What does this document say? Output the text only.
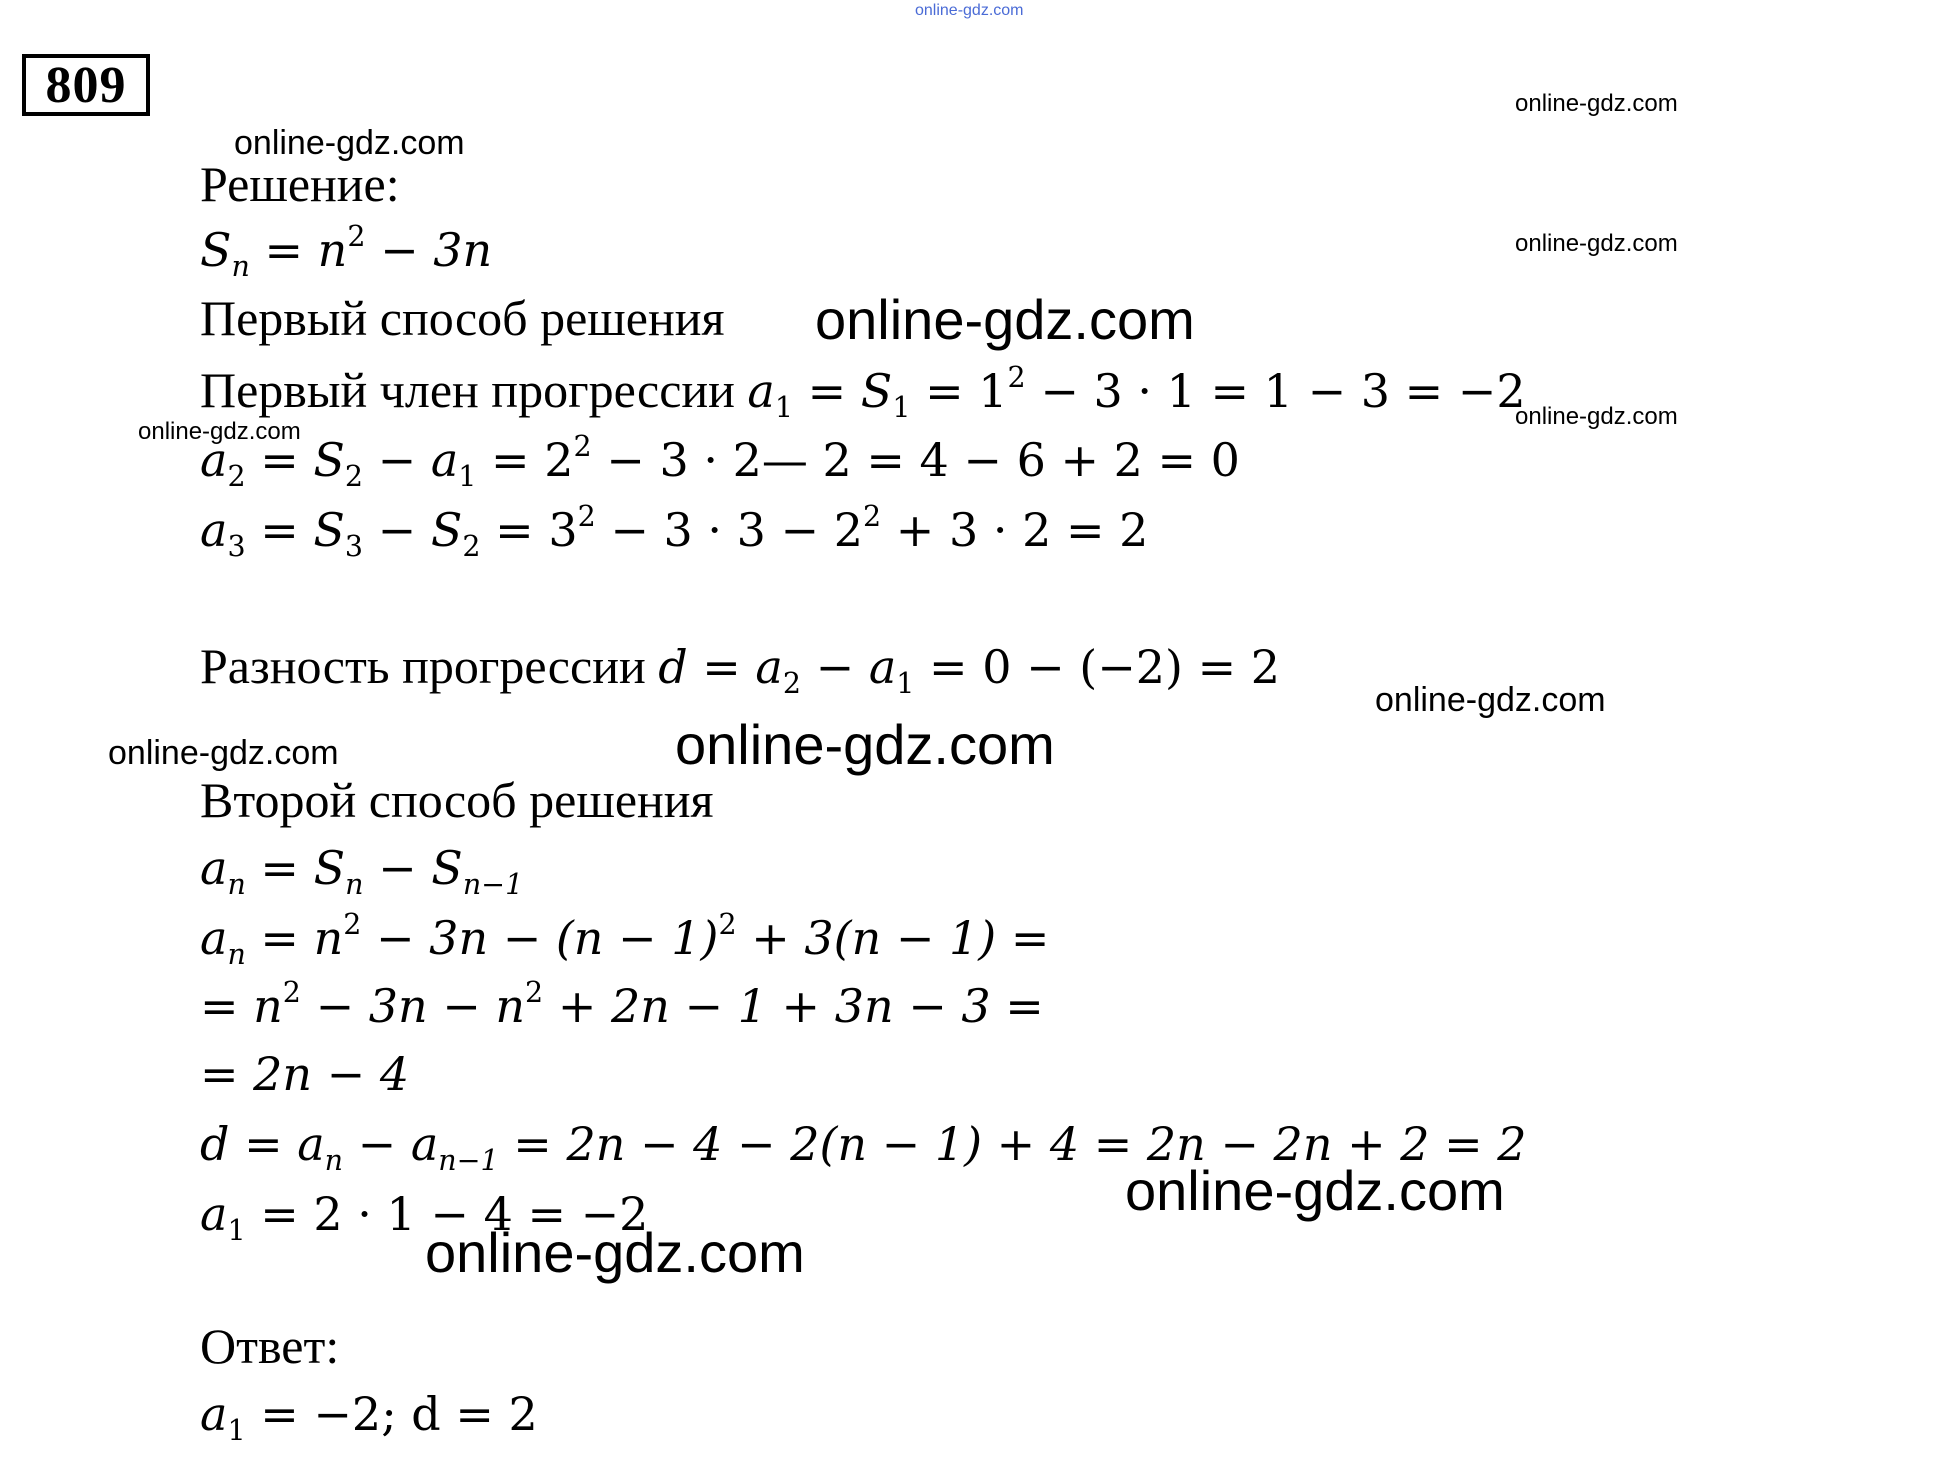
online-gdz.com
809	online-gdz.com
online-gdz.com
Решение:
$S_n = n^2 - 3n$	online-gdz.com
Первый способ решения online-gdz.com
Первый член прогрессии $a_1 = S_1 = 1^2 - 3 \cdot 1 = 1 - 3 = -2$
online-gdz.com
online-gdz.com
$a_2 = S_2 - a_1 = 2^2 - 3$ · 2— 2 = 4 − 6 + 2 = 0
$a_3 = S_3 - S_2 = 3^2 - 3 \cdot 3 - 2^2 + 3 \cdot 2 = 2$
Разность прогрессии $d = a_2 - a_1 = 0 - (-2) = 2$
online-gdz.com
online-gdz.com	online-gdz.com
Второй способ решения
$a_n = S_n - S_{n-1}$
$a_n = n^2 - 3n - (n - 1)^2 + 3(n - 1)$ =
= $n^2 - 3n - n^2 + 2n - 1 + 3n - 3$ =
= 2n − 4
$d = a_n - a_{n-1} = 2n - 4 - 2(n - 1) + 4 = 2n - 2n + 2 = 2$
online-gdz.com
$a_1 = 2 \cdot 1 - 4 = -2$
online-gdz.com
Ответ:
$a_1 = -2$; d = 2
